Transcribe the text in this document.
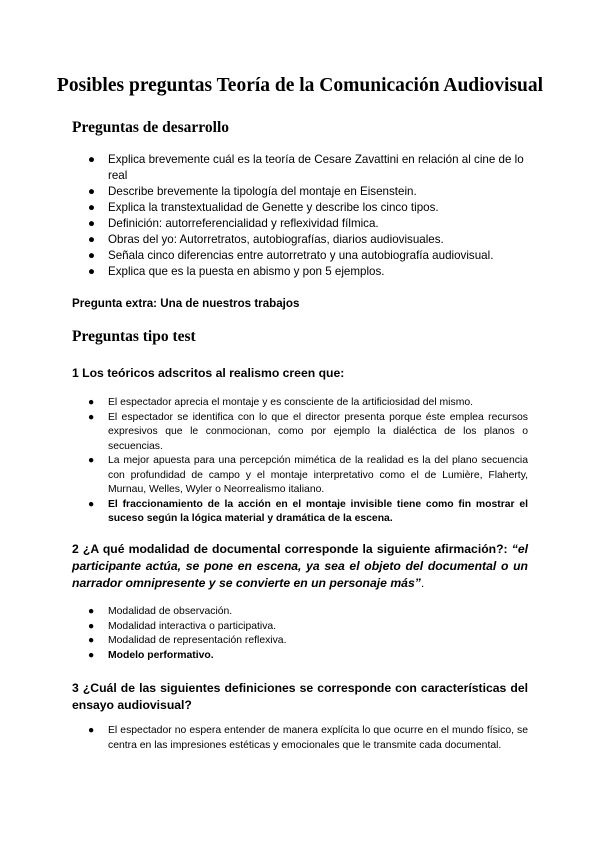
Posibles preguntas Teoría de la Comunicación Audiovisual
Preguntas de desarrollo
● Explica brevemente cuál es la teoría de Cesare Zavattini en relación al cine de lo real
● Describe brevemente la tipología del montaje en Eisenstein.
● Explica la transtextualidad de Genette y describe los cinco tipos.
● Definición: autorreferencialidad y reflexividad fílmica.
● Obras del yo: Autorretratos, autobiografías, diarios audiovisuales.
● Señala cinco diferencias entre autorretrato y una autobiografía audiovisual.
● Explica que es la puesta en abismo y pon 5 ejemplos.

Pregunta extra: Una de nuestros trabajos

Preguntas tipo test

1 Los teóricos adscritos al realismo creen que:

● El espectador aprecia el montaje y es consciente de la artificiosidad del mismo.
● El espectador se identifica con lo que el director presenta porque éste emplea recursos expresivos que le conmocionan, como por ejemplo la dialéctica de los planos o secuencias.
● La mejor apuesta para una percepción mimética de la realidad es la del plano secuencia con profundidad de campo y el montaje interpretativo como el de Lumière, Flaherty, Murnau, Welles, Wyler o Neorrealismo italiano.
● El fraccionamiento de la acción en el montaje invisible tiene como fin mostrar el suceso según la lógica material y dramática de la escena.

2 ¿A qué modalidad de documental corresponde la siguiente afirmación?: “el participante actúa, se pone en escena, ya sea el objeto del documental o un narrador omnipresente y se convierte en un personaje más”.

● Modalidad de observación.
● Modalidad interactiva o participativa.
● Modalidad de representación reflexiva.
● Modelo performativo.

3 ¿Cuál de las siguientes definiciones se corresponde con características del ensayo audiovisual?

● El espectador no espera entender de manera explícita lo que ocurre en el mundo físico, se centra en las impresiones estéticas y emocionales que le transmite cada documental.
